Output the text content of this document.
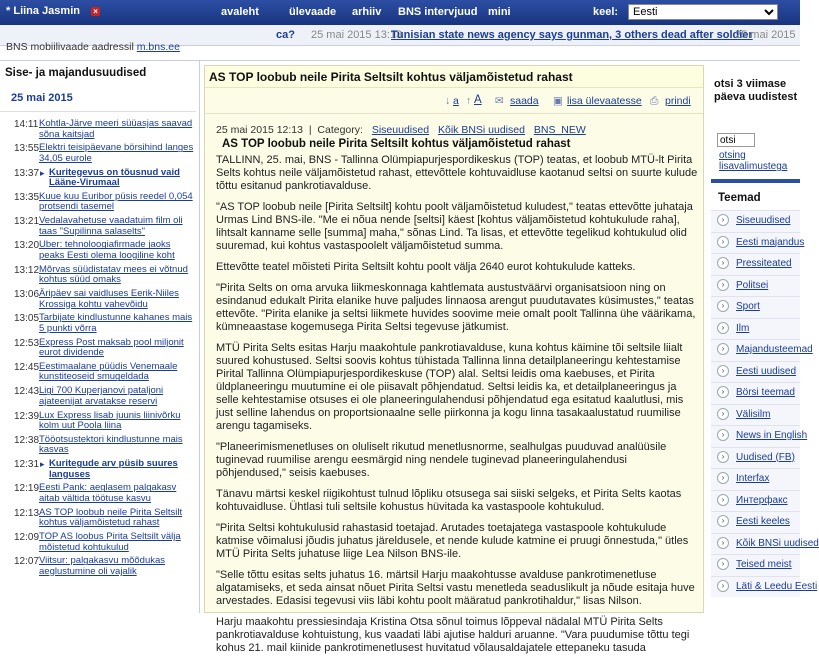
* Liina Jasmin ×	avaleht	ülevaade arhiiv BNS intervjuud mini	keel:
Eesti
ca? 25 mai 2015 13:13
Tunisian state news agency says gunman, 3 others dead after soldier
25 mai 2015
BNS mobiilivaade aadressil m.bns.ee
Sise- ja majandusuudised
25 mai 2015
14:11 Kohtla-Järve meeri süüasjas saavad sõna kaitsjad
13:55 Elektri teisipäevane börsihind langes 34,05 eurole
▸
13:37	Kuritegevus on tõusnud vaid Lääne-Virumaal
13:35 Kuue kuu Euribor püsis reedel 0,054 protsendi tasemel
13:21 Vedalavahetuse vaadatuim film oli taas "Supilinna salaselts"
13:20 Uber: tehnoloogiafirmade jaoks peaks Eesti olema loogiline koht
13:12 Mõrvas süüdistatav mees ei võtnud kohtus süüd omaks
13:06 Äripäev sai vaidluses Eerik-Niiles Krossiga kohtu vahevõidu
13:05 Tarbijate kindlustunne kahanes mais 5 punkti võrra
12:53 Express Post maksab pool miljonit eurot dividende
12:45 Eestimaalane püüdis Venemaale kunstiteoseid smugeldada
12:43 Ligi 700 Kuperjanovi pataljoni ajateenijat arvatakse reservi
12:39 Lux Express lisab juunis liinivõrku kolm uut Poola liina
12:38 Tööotsustektori kindlustunne mais kasvas
▸
12:31	Kuritegude arv püsib suures languses
12:19 Eesti Pank: aeglasem palgakasv aitab vältida töötuse kasvu
12:13 AS TOP loobub neile Pirita Seltsilt kohtus väljamõistetud rahast
12:09 TOP AS loobus Pirita Seltsilt välja mõistetud kohtukulud
12:07 Viitsur: palgakasvu mõõdukas aeglustumine oli vajalik
AS TOP loobub neile Pirita Seltsilt kohtus väljamõistetud rahast
↓ a ↑ A ✉ saada ▣ lisa ülevaatesse ⎙ prindi
25 mai 2015 12:13  |  Category: Siseuudised Kõik BNSi uudised BNS_NEW
AS TOP loobub neile Pirita Seltsilt kohtus väljamõistetud rahast

TALLINN, 25. mai, BNS - Tallinna Olümpiapurjespordikeskus (TOP) teatas, et loobub MTÜ-lt Pirita Selts kohtus neile väljamõistetud rahast, ettevõttele kohtuvaidluse kaotanud seltsi on suurte kulude tõttu esitanud pankrotiavalduse.

"AS TOP loobub neile [Pirita Seltsilt] kohtu poolt väljamõistetud kuludest," teatas ettevõtte juhataja Urmas Lind BNS-ile. "Me ei nõua nende [seltsi] käest [kohtus väljamõistetud kohtukulude raha], lihtsalt kanname selle [summa] maha," sõnas Lind. Ta lisas, et ettevõtte tegelikud kohtukulud olid suuremad, kui kohtus vastaspoolelt väljamõistetud summa.

Ettevõtte teatel mõisteti Pirita Seltsilt kohtu poolt välja 2640 eurot kohtukulude katteks.

"Pirita Selts on oma arvuka liikmeskonnaga kahtlemata austustväärvi organisatsioon ning on esindanud edukalt Pirita elanike huve paljudes linnaosa arengut puudutavates küsimustes," teatas ettevõte. "Pirita elanike ja seltsi liikmete huvides soovime meie omalt poolt Tallinna ühe väärikama, kümneaastase kogemusega Pirita Seltsi tegevuse jätkumist.

MTÜ Pirita Selts esitas Harju maakohtule pankrotiavalduse, kuna kohtus käimine tõi seltsile liialt suured kohustused. Seltsi soovis kohtus tühistada Tallinna linna detailplaneeringu kehtestamise Pirital Tallinna Olümpiapurjespordikeskuse (TOP) alal. Seltsi leidis oma kaebuses, et Pirita üldplaneeringu muutumine ei ole piisavalt põhjendatud. Seltsi leidis ka, et detailplaneeringus ja selle kehtestamise otsuses ei ole planeeringulahendusi põhjendatud ega esitatud kaalutlusi, mis just selline lahendus on proportsionaalne selle piirkonna ja kogu linna tasakaalustatud ruumilise arengu tagamiseks.

"Planeerimismenetluses on oluliselt rikutud menetlusnorme, sealhulgas puuduvad analüüsile tuginevad ruumilise arengu eesmärgid ning nendele tuginevad planeeringulahendusi põhjendused," seisis kaebuses.

Tänavu märtsi keskel riigikohtust tulnud lõpliku otsusega sai siiski selgeks, et Pirita Selts kaotas kohtuvaidluse. Ühtlasi tuli seltsile kohustus hüvitada ka vastaspoole kohtukulud.

"Pirita Seltsi kohtukulusid rahastasid toetajad. Arutades toetajatega vastaspoole kohtukulude katmise võimalusi jõudis juhatus järeldusele, et nende kulude katmine ei pruugi õnnestuda," ütles MTÜ Pirita Selts juhatuse liige Lea Nilson BNS-ile.

"Selle tõttu esitas selts juhatus 16. märtsil Harju maakohtusse avalduse pankrotimenetluse algatamiseks, et seda ainsat nõuet Pirita Seltsi vastu menetleda seaduslikult ja nõude esitaja huve arvestades. Edasisi tegevusi viis läbi kohtu poolt määratud pankrotihaldur," lisas Nilson.

Harju maakohtu pressiesindaja Kristina Otsa sõnul toimus lõppeval nädalal MTÜ Pirita Selts pankrotiavalduse kohtuistung, kus vaadati läbi ajutise halduri aruanne. "Vara puudumise tõttu tegi kohus 21. mail kiinide pankrotimenetlusest huvitatud võlausaldajatele ettepaneku tasuda

otsi 3 viimase päeva uudistest
otsi
otsing lisavalimustega
Teemad
›	Siseuudised
›	Eesti majandus
›	Pressiteated
›	Politsei
›	Sport
›	Ilm
›	Majandusteemad
›	Eesti uudised
›	Börsi teemad
›	Välisilm
›	News in English
›	Uudised (FB)
›	Interfax
›	Интерфакс
›	Eesti keeles
›	Kõik BNSi uudised
›	Teised meist
›	Läti & Leedu Eesti
